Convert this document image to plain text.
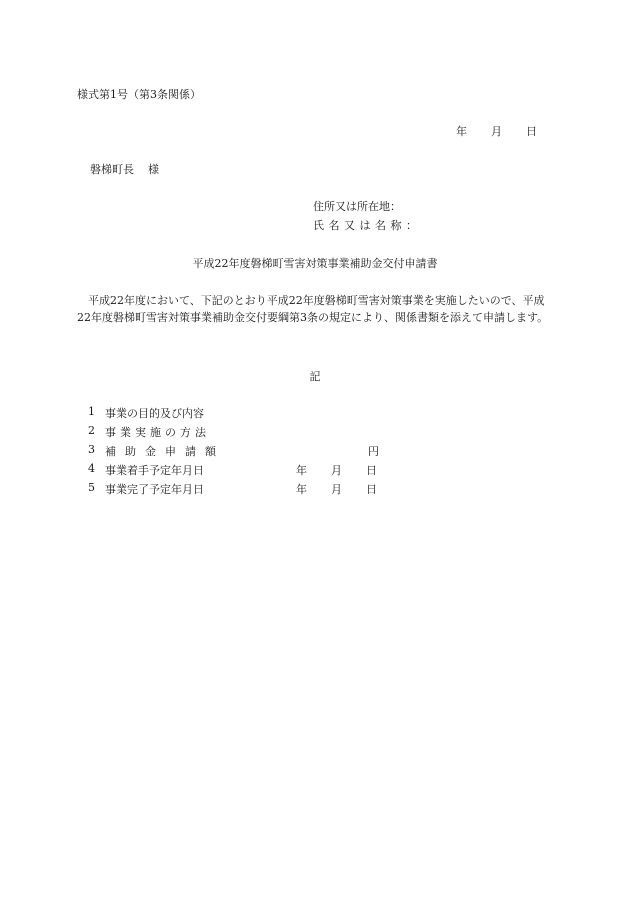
様式第1号（第3条関係）
年 月 日
磐梯町長 様
住所又は所在地：
氏名又は名称：
平成22年度磐梯町雪害対策事業補助金交付申請書
平成22年度において、下記のとおり平成22年度磐梯町雪害対策事業を実施したいので、平成22年度磐梯町雪害対策事業補助金交付要綱第3条の規定により、関係書類を添えて申請します。
記
1 事業の目的及び内容
2 事業実施の方法
3 補助金申請額	円
4 事業着手予定年月日	年 月 日
5 事業完了予定年月日	年 月 日
